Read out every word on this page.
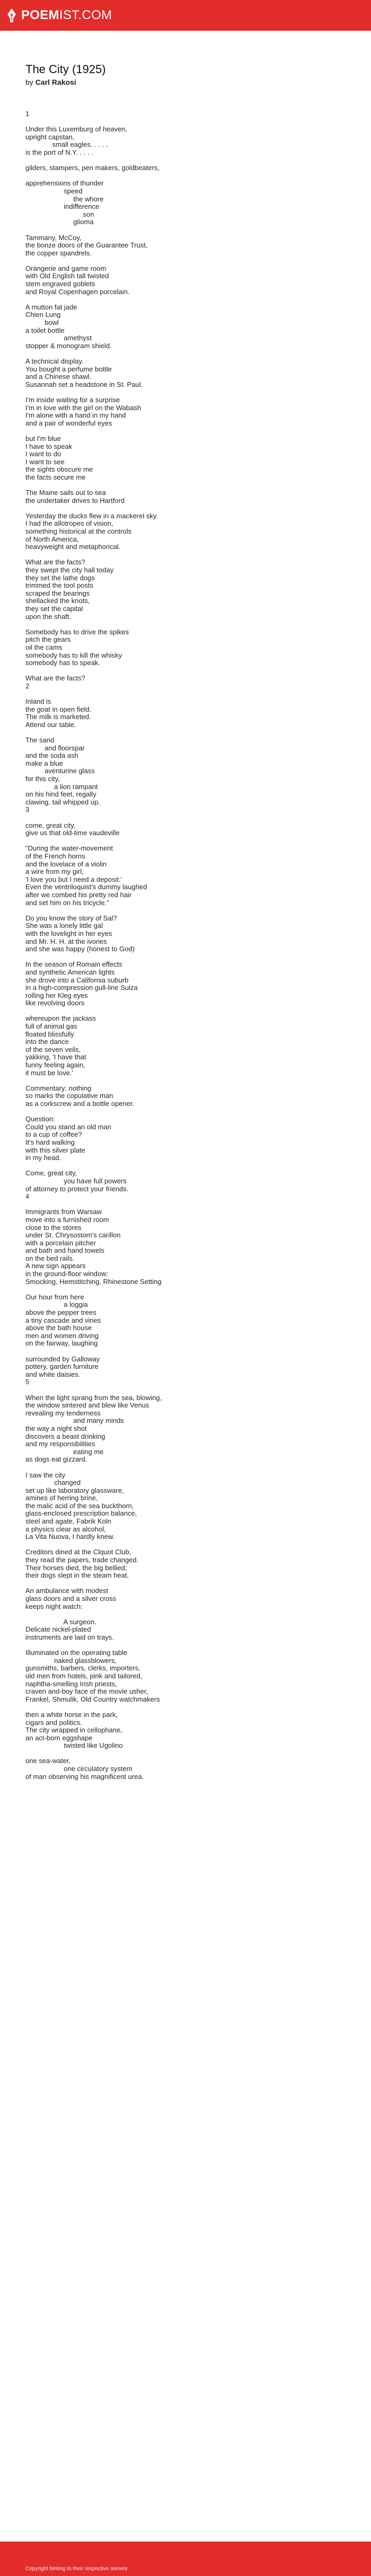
POEMIST.COM
The City (1925)
by Carl Rakosi
1

Under this Luxemburg of heaven,
upright capstan,
small eagles. . . . .
is the port of N.Y. . . . .

gilders, stampers, pen makers, goldbeaters,

apprehensions of thunder
speed
the whore
indifference
son
glioma

Tammany, McCoy,
the bonze doors of the Guarantee Trust,
the copper spandrels.

Orangerie and game room
with Old English tall twisted
stem engraved goblets
and Royal Copenhagen porcelain.

A mutton fat jade
Chien Lung
bowl
a toilet bottle
amethyst
stopper & monogram shield.

A technical display.
You bought a perfume bottle
and a Chinese shawl.
Susannah set a headstone in St. Paul.

I'm inside waiting for a surprise
I'm in love with the girl on the Wabash
I'm alone with a hand in my hand
and a pair of wonderful eyes

but I'm blue
I have to speak
I want to do
I want to see
the sights obscure me
the facts secure me

The Maine sails out to sea
the undertaker drives to Hartford

Yesterday the ducks flew in a mackerel sky.
I had the allotropes of vision,
something historical at the controls
of North America,
heavyweight and metaphorical.

What are the facts?
they swept the city hall today
they set the lathe dogs
trimmed the tool posts
scraped the bearings
shellacked the knots,
they set the capital
upon the shaft.

Somebody has to drive the spikes
pitch the gears
oil the cams
somebody has to kill the whisky
somebody has to speak.

What are the facts?
2

Inland is
the goat in open field.
The milk is marketed.
Attend our table.

The sand
and floorspar
and the soda ash
make a blue
aventurine glass
for this city,
a lion rampant
on his hind feet, regally
clawing, tail whipped up.
3

come, great city,
give us that old-time vaudeville

"During the water-movement
of the French horns
and the lovelace of a violin
a wire from my girl,
'I love you but I need a deposit.'
Even the ventriloquist's dummy laughed
after we combed his pretty red hair
and set him on his tricycle."

Do you know the story of Sal?
She was a lonely little gal
with the lovelight in her eyes
and Mr. H. H. at the ivories
and she was happy (honest to God)

In the season of Romain effects
and synthetic American lights
she drove into a California suburb
in a high-compression gull-line Suiza
rolling her Kleg eyes
like revolving doors

whereupon the jackass
full of animal gas
floated blissfully
into the dance
of the seven veils,
yakking, 'I have that
funny feeling again,
it must be love.'

Commentary: nothing
so marks the copulative man
as a corkscrew and a bottle opener.

Question:
Could you stand an old man
to a cup of coffee?
It's hard walking
with this silver plate
in my head.

Come, great city,
you have full powers
of attorney to protect your friends.
4

Immigrants from Warsaw
move into a furnished room
close to the stores
under St. Chrysostom's carillon
with a porcelain pitcher
and bath and hand towels
on the bed rails.
A new sign appears
in the ground-floor window:
Smocking, Hemstitching, Rhinestone Setting

Our hour from here
a loggia
above the pepper trees
a tiny cascade and vines
above the bath house
men and women driving
on the fairway, laughing

surrounded by Galloway
pottery, garden furniture
and white daisies.
5

When the light sprang from the sea, blowing,
the window sintered and blew like Venus
revealing my tenderness
and many minds
the way a night shot
discovers a beast drinking
and my responsibilities
eating me
as dogs eat gizzard.

I saw the city
changed
set up like laboratory glassware,
amines of herring brine,
the malic acid of the sea buckthorn,
glass-enclosed prescription balance,
steel and agate, Fabrik Koln
a physics clear as alcohol,
La Vita Nuova, I hardly knew.

Creditors dined at the Clquot Club,
they read the papers, trade changed.
Their horses died, the big bellied;
their dogs slept in the steam heat.

An ambulance with modest
glass doors and a silver cross
keeps night watch:

A surgeon.
Delicate nickel-plated
instruments are laid on trays.

Illuminated on the operating table
naked glassblowers,
gunsmiths, barbers, clerks, importers,
old men from hotels, pink and tailored,
naphtha-smelling Irish priests,
craven and-boy face of the movie usher,
Frankel, Shmulik, Old Country watchmakers

then a white horse in the park,
cigars and politics.
The city wrapped in cellophane,
an act-born eggshape
twisted like Ugolino

one sea-water,
one circulatory system
of man observing his magnificent urea.
Copyright belong to their respective owners
